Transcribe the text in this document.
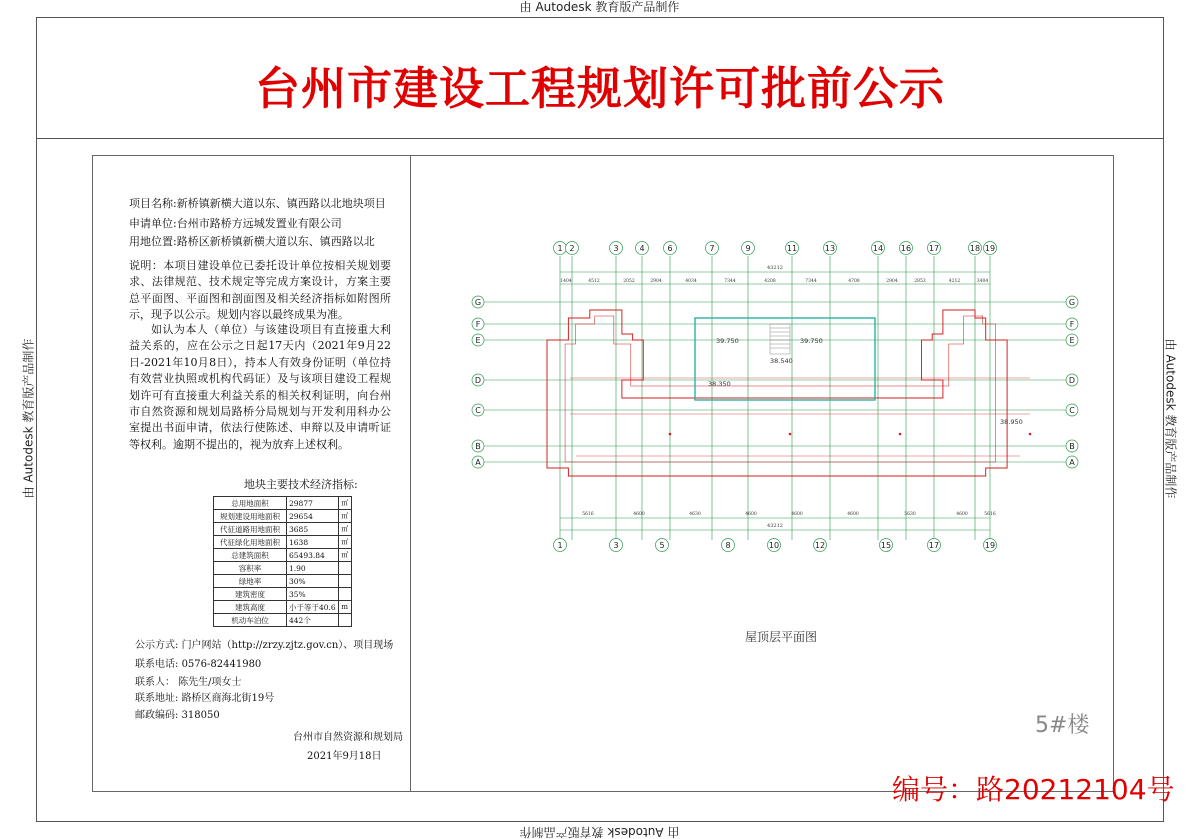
由 Autodesk 教育版产品制作
由 Autodesk 教育版产品制作
由 Autodesk 教育版产品制作	由 Autodesk 教育版产品制作
台州市建设工程规划许可批前公示
项目名称:新桥镇新横大道以东、镇西路以北地块项目
申请单位:台州市路桥方远城发置业有限公司
用地位置:路桥区新桥镇新横大道以东、镇西路以北
说明：本项目建设单位已委托设计单位按相关规划要求、法律规范、技术规定等完成方案设计，方案主要总平面图、平面图和剖面图及相关经济指标如附图所示，现予以公示。规划内容以最终成果为准。
如认为本人（单位）与该建设项目有直接重大利益关系的，应在公示之日起17天内（2021年9月22日-2021年10月8日），持本人有效身份证明（单位持有效营业执照或机构代码证）及与该项目建设工程规划许可有直接重大利益关系的相关权利证明，向台州市自然资源和规划局路桥分局规划与开发利用科办公室提出书面申请，依法行使陈述、申辩以及申请听证等权利。逾期不提出的，视为放弃上述权利。
地块主要技术经济指标:
总用地面积	29877	㎡
规划建设用地面积	29654	㎡
代征道路用地面积	3685	㎡
代征绿化用地面积	1638	㎡
总建筑面积	65493.84	㎡
容积率	1.90	
绿地率	30%	
建筑密度	35%	
建筑高度	小于等于40.6	m
机动车泊位	442个	
公示方式: 门户网站（http://zrzy.zjtz.gov.cn）、项目现场
联系电话: 0576-82441980
联系人： 陈先生/项女士
联系地址: 路桥区商海北街19号
邮政编码: 318050
台州市自然资源和规划局
2021年9月18日
1 2	3	4	6	7	9	11	13	14 16 17	18 19
1	3	5	8	10	12	15	17	19
G	G
F	F
E	E
D	D
C	C
B	B
A	A
43212
1404	4512	2052	2904	4034	7344	4208	7344	4708	2904	2853	4212	3404
43212
5616	4600	4630	4600	4600	4600	5630	4600	5616
39.750	39.750
38.540
38.350
38.950
屋顶层平面图
5#楼
编号：路20212104号
